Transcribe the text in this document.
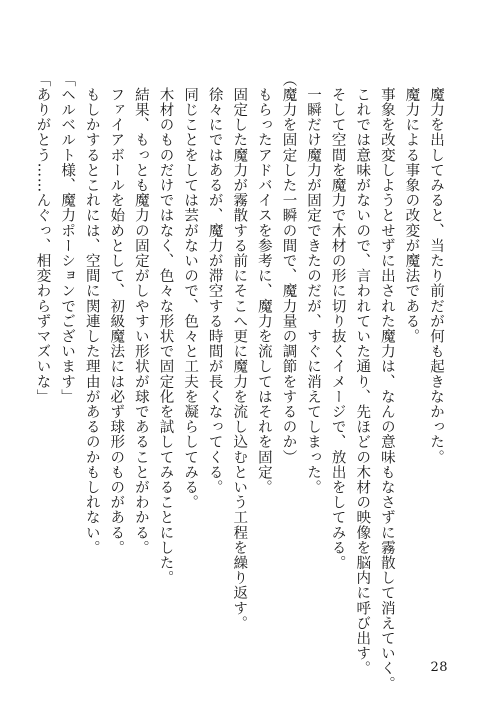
　魔力を出してみると、当たり前だが何も起きなかった。

　魔力による事象の改変が魔法である。

　事象を改変しようとせずに出された魔力は、なんの意味もなさずに霧散して消えていく。

　これでは意味がないので、言われていた通り、先ほどの木材の映像を脳内に呼び出す。

　そして空間を魔力で木材の形に切り抜くイメージで、放出をしてみる。

　一瞬だけ魔力が固定できたのだが、すぐに消えてしまった。

（魔力を固定した一瞬の間で、魔力量の調節をするのか）

　もらったアドバイスを参考に、魔力を流してはそれを固定。

　固定した魔力が霧散する前にそこへ更に魔力を流し込むという工程を繰り返す。

　徐々にではあるが、魔力が滞空する時間が長くなってくる。

　同じことをしては芸がないので、色々と工夫を凝らしてみる。

　木材のものだけではなく、色々な形状で固定化を試してみることにした。

　結果、もっとも魔力の固定がしやすい形状が球であることがわかる。

　ファイアボールを始めとして、初級魔法には必ず球形のものがある。

　もしかするとこれには、空間に関連した理由があるのかもしれない。

「ヘルベルト様、魔力ポーションでございます」

「ありがとう……んぐっ、相変わらずマズいな」

28
